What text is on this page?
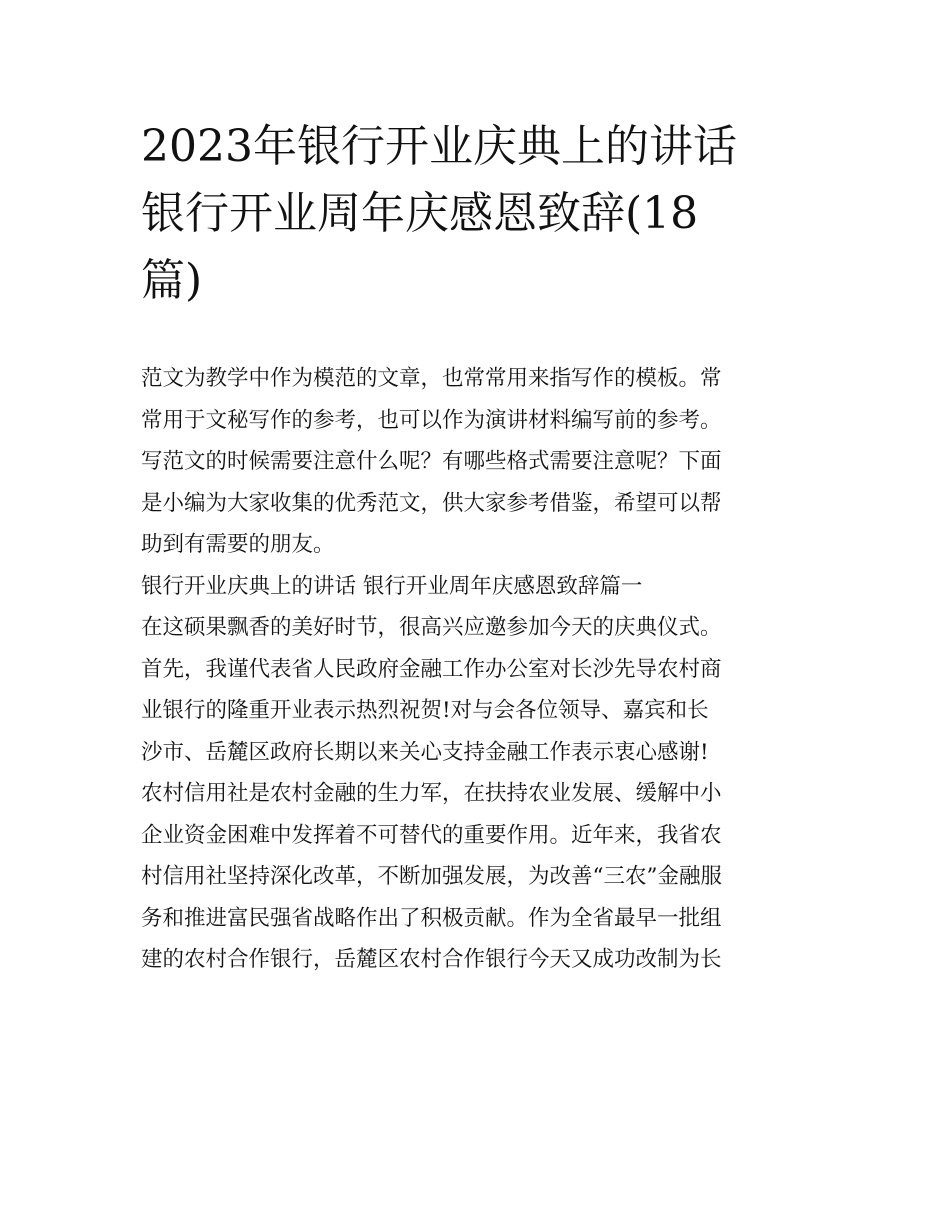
2023年银行开业庆典上的讲话
银行开业周年庆感恩致辞(18
篇)
范文为教学中作为模范的文章，也常常用来指写作的模板。常
常用于文秘写作的参考，也可以作为演讲材料编写前的参考。
写范文的时候需要注意什么呢？有哪些格式需要注意呢？下面
是小编为大家收集的优秀范文，供大家参考借鉴，希望可以帮
助到有需要的朋友。
银行开业庆典上的讲话 银行开业周年庆感恩致辞篇一
在这硕果飘香的美好时节，很高兴应邀参加今天的庆典仪式。
首先，我谨代表省人民政府金融工作办公室对长沙先导农村商
业银行的隆重开业表示热烈祝贺!对与会各位领导、嘉宾和长
沙市、岳麓区政府长期以来关心支持金融工作表示衷心感谢!
农村信用社是农村金融的生力军，在扶持农业发展、缓解中小
企业资金困难中发挥着不可替代的重要作用。近年来，我省农
村信用社坚持深化改革，不断加强发展，为改善“三农”金融服
务和推进富民强省战略作出了积极贡献。作为全省最早一批组
建的农村合作银行，岳麓区农村合作银行今天又成功改制为长
